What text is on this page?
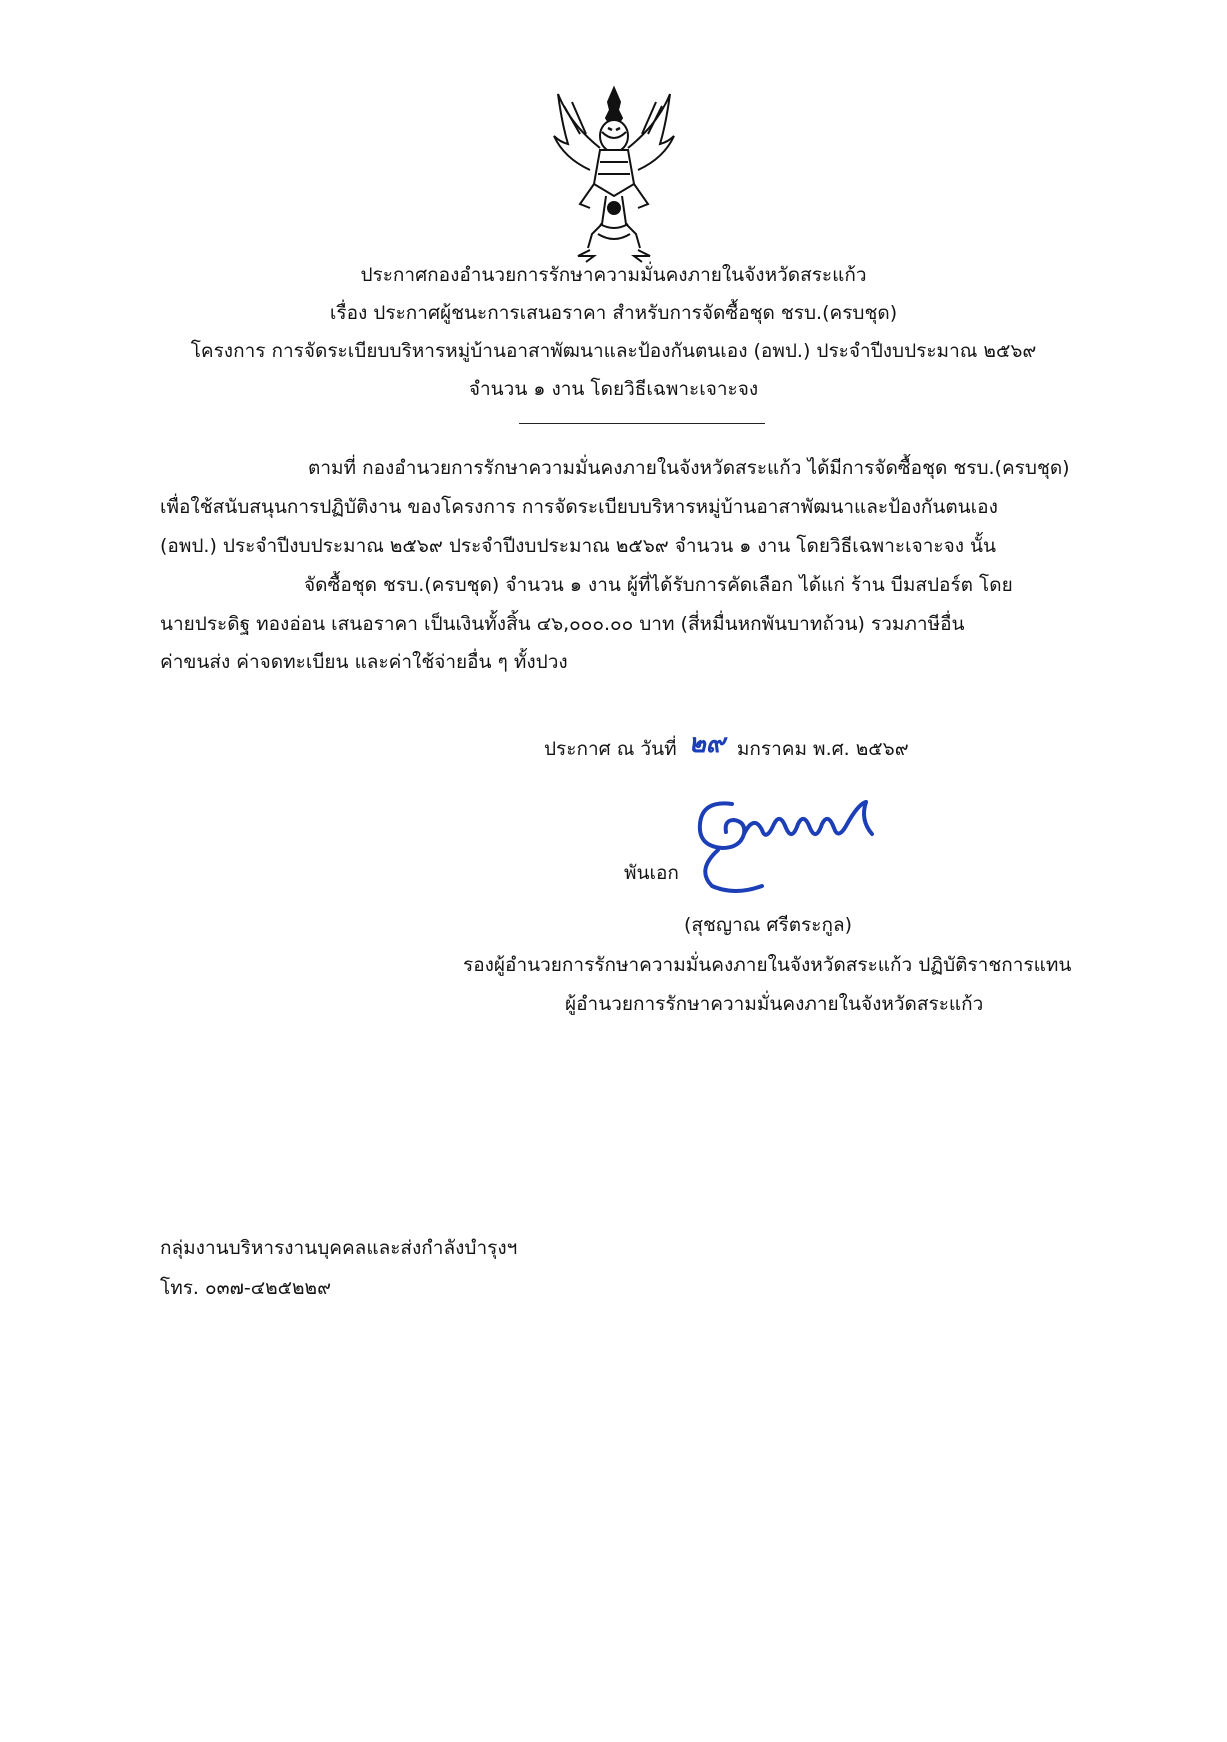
ประกาศกองอำนวยการรักษาความมั่นคงภายในจังหวัดสระแก้ว
เรื่อง ประกาศผู้ชนะการเสนอราคา สำหรับการจัดซื้อชุด ชรบ.(ครบชุด)
โครงการ การจัดระเบียบบริหารหมู่บ้านอาสาพัฒนาและป้องกันตนเอง (อพป.) ประจำปีงบประมาณ ๒๕๖๙
จำนวน ๑ งาน โดยวิธีเฉพาะเจาะจง
ตามที่ กองอำนวยการรักษาความมั่นคงภายในจังหวัดสระแก้ว ได้มีการจัดซื้อชุด ชรบ.(ครบชุด)
เพื่อใช้สนับสนุนการปฏิบัติงาน ของโครงการ การจัดระเบียบบริหารหมู่บ้านอาสาพัฒนาและป้องกันตนเอง
(อพป.) ประจำปีงบประมาณ ๒๕๖๙ ประจำปีงบประมาณ ๒๕๖๙ จำนวน ๑ งาน โดยวิธีเฉพาะเจาะจง นั้น
จัดซื้อชุด ชรบ.(ครบชุด) จำนวน ๑ งาน ผู้ที่ได้รับการคัดเลือก ได้แก่ ร้าน บีมสปอร์ต โดย
นายประดิฐ ทองอ่อน เสนอราคา เป็นเงินทั้งสิ้น ๔๖,๐๐๐.๐๐ บาท (สี่หมื่นหกพันบาทถ้วน) รวมภาษีอื่น
ค่าขนส่ง ค่าจดทะเบียน และค่าใช้จ่ายอื่น ๆ ทั้งปวง
ประกาศ ณ วันที่ ๒๙ มกราคม พ.ศ. ๒๕๖๙
พันเอก
(สุชญาณ ศรีตระกูล)
รองผู้อำนวยการรักษาความมั่นคงภายในจังหวัดสระแก้ว ปฏิบัติราชการแทน
ผู้อำนวยการรักษาความมั่นคงภายในจังหวัดสระแก้ว
กลุ่มงานบริหารงานบุคคลและส่งกำลังบำรุงฯ
โทร. ๐๓๗-๔๒๕๒๒๙
